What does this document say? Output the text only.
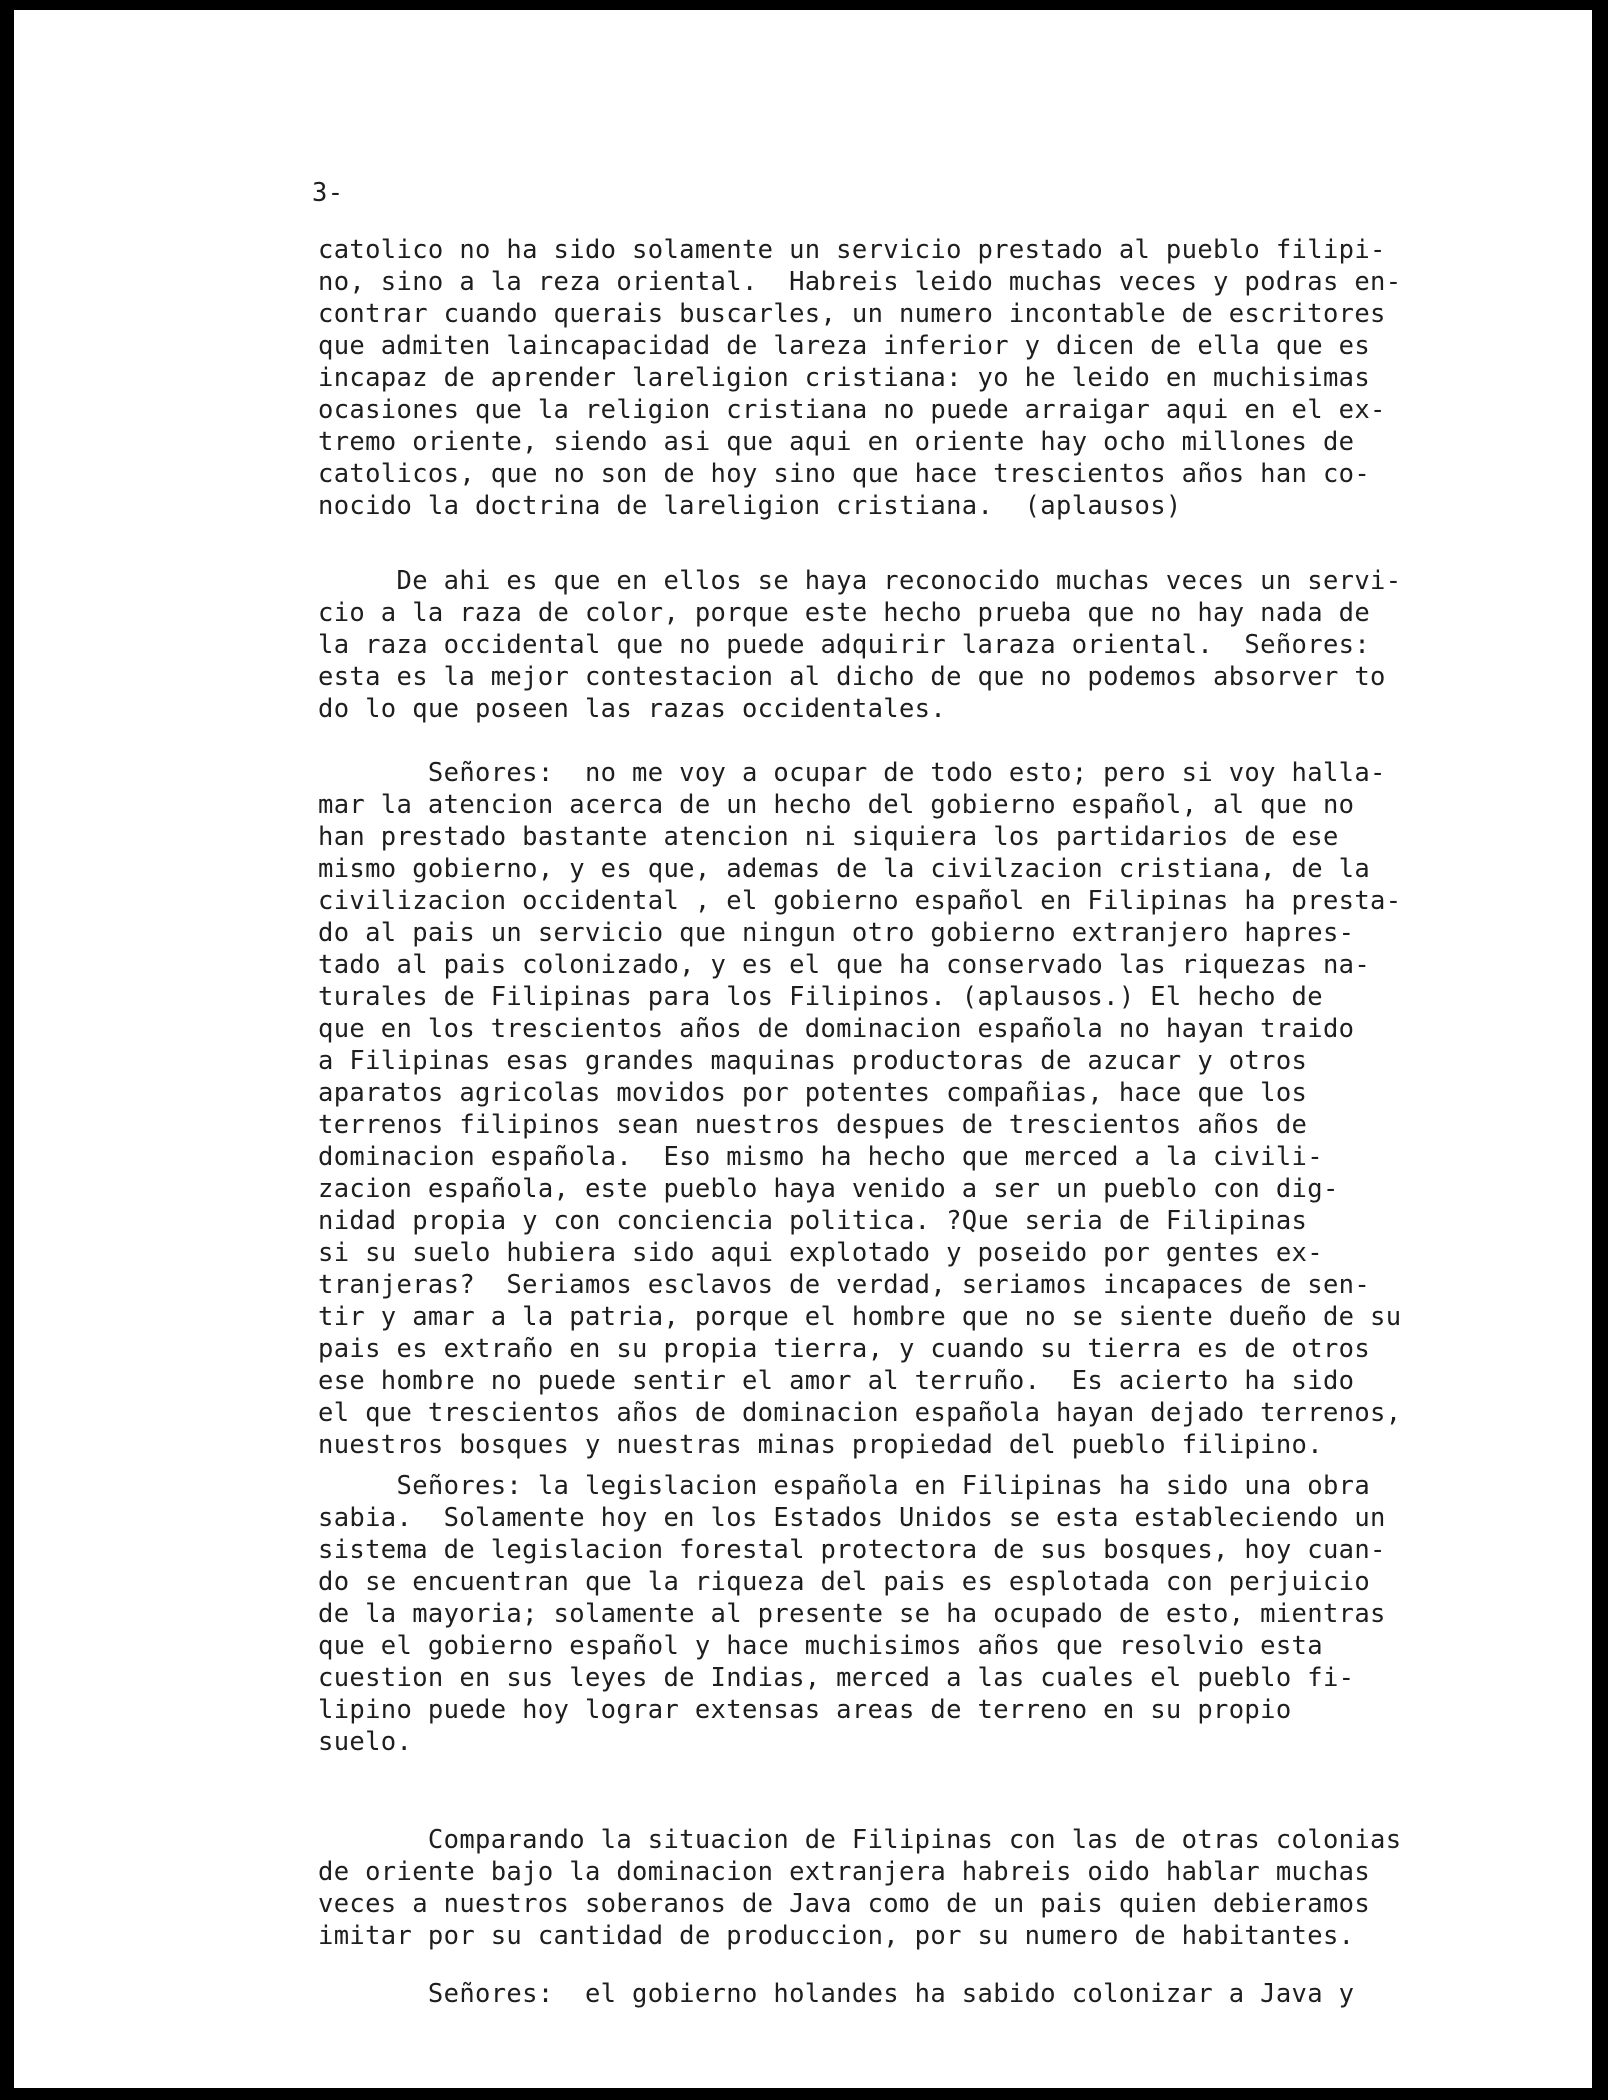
3-
catolico no ha sido solamente un servicio prestado al pueblo filipi-
no, sino a la reza oriental.  Habreis leido muchas veces y podras en-
contrar cuando querais buscarles, un numero incontable de escritores
que admiten laincapacidad de lareza inferior y dicen de ella que es
incapaz de aprender lareligion cristiana: yo he leido en muchisimas
ocasiones que la religion cristiana no puede arraigar aqui en el ex-
tremo oriente, siendo asi que aqui en oriente hay ocho millones de
catolicos, que no son de hoy sino que hace trescientos años han co-
nocido la doctrina de lareligion cristiana.  (aplausos)
De ahi es que en ellos se haya reconocido muchas veces un servi-
cio a la raza de color, porque este hecho prueba que no hay nada de
la raza occidental que no puede adquirir laraza oriental.  Señores:
esta es la mejor contestacion al dicho de que no podemos absorver to
do lo que poseen las razas occidentales.
Señores:  no me voy a ocupar de todo esto; pero si voy halla-
mar la atencion acerca de un hecho del gobierno español, al que no
han prestado bastante atencion ni siquiera los partidarios de ese
mismo gobierno, y es que, ademas de la civilzacion cristiana, de la
civilizacion occidental , el gobierno español en Filipinas ha presta-
do al pais un servicio que ningun otro gobierno extranjero hapres-
tado al pais colonizado, y es el que ha conservado las riquezas na-
turales de Filipinas para los Filipinos. (aplausos.) El hecho de
que en los trescientos años de dominacion española no hayan traido
a Filipinas esas grandes maquinas productoras de azucar y otros
aparatos agricolas movidos por potentes compañias, hace que los
terrenos filipinos sean nuestros despues de trescientos años de
dominacion española.  Eso mismo ha hecho que merced a la civili-
zacion española, este pueblo haya venido a ser un pueblo con dig-
nidad propia y con conciencia politica. ?Que seria de Filipinas
si su suelo hubiera sido aqui explotado y poseido por gentes ex-
tranjeras?  Seriamos esclavos de verdad, seriamos incapaces de sen-
tir y amar a la patria, porque el hombre que no se siente dueño de su
pais es extraño en su propia tierra, y cuando su tierra es de otros
ese hombre no puede sentir el amor al terruño.  Es acierto ha sido
el que trescientos años de dominacion española hayan dejado terrenos,
nuestros bosques y nuestras minas propiedad del pueblo filipino.
Señores: la legislacion española en Filipinas ha sido una obra
sabia.  Solamente hoy en los Estados Unidos se esta estableciendo un
sistema de legislacion forestal protectora de sus bosques, hoy cuan-
do se encuentran que la riqueza del pais es esplotada con perjuicio
de la mayoria; solamente al presente se ha ocupado de esto, mientras
que el gobierno español y hace muchisimos años que resolvio esta
cuestion en sus leyes de Indias, merced a las cuales el pueblo fi-
lipino puede hoy lograr extensas areas de terreno en su propio
suelo.
Comparando la situacion de Filipinas con las de otras colonias
de oriente bajo la dominacion extranjera habreis oido hablar muchas
veces a nuestros soberanos de Java como de un pais quien debieramos
imitar por su cantidad de produccion, por su numero de habitantes.
Señores:  el gobierno holandes ha sabido colonizar a Java y
